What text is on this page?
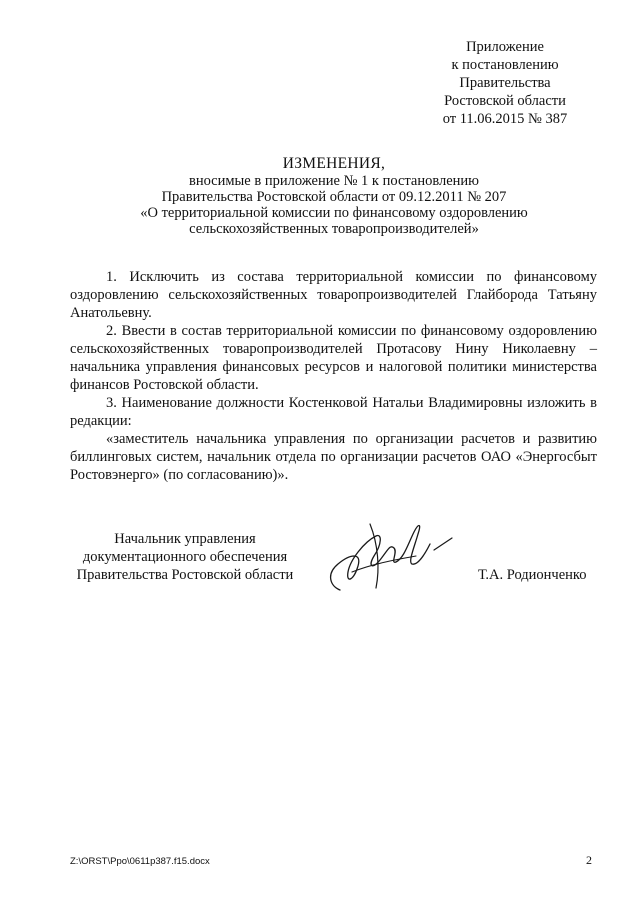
Приложение
к постановлению
Правительства
Ростовской области
от 11.06.2015 № 387
ИЗМЕНЕНИЯ,
вносимые в приложение № 1 к постановлению
Правительства Ростовской области от 09.12.2011 № 207
«О территориальной комиссии по финансовому оздоровлению
сельскохозяйственных товаропроизводителей»

1. Исключить из состава территориальной комиссии по финансовому оздоровлению сельскохозяйственных товаропроизводителей Глайборода Татьяну Анатольевну.

2. Ввести в состав территориальной комиссии по финансовому оздоровлению сельскохозяйственных товаропроизводителей Протасову Нину Николаевну – начальника управления финансовых ресурсов и налоговой политики министерства финансов Ростовской области.

3. Наименование должности Костенковой Натальи Владимировны изложить в редакции:

«заместитель начальника управления по организации расчетов и развитию биллинговых систем, начальник отдела по организации расчетов ОАО «Энергосбыт Ростовэнерго» (по согласованию)».

Начальник управления
документационного обеспечения
Правительства Ростовской области	Т.А. Родионченко
Z:\ORST\Ppo\0611p387.f15.docx	2
